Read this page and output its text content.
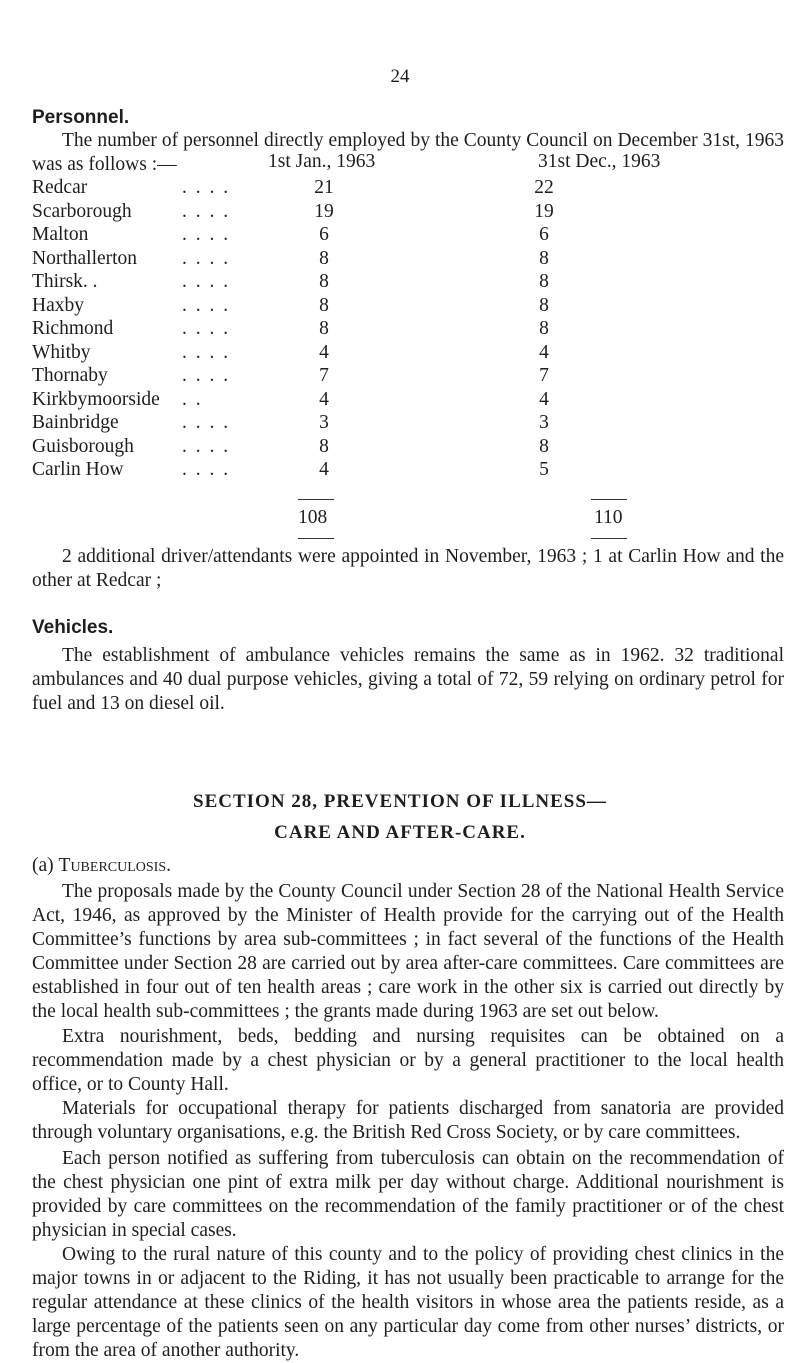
24
Personnel.

The number of personnel directly employed by the County Council on December 31st, 1963 was as follows :—	1st Jan., 1963	31st Dec., 1963
Redcar	. . . .	21		22
Scarborough	. . . .	19		19
Malton	. . . .	6		6
Northallerton	. . . .	8		8
Thirsk. .	. . . .	8		8
Haxby	. . . .	8		8
Richmond	. . . .	8		8
Whitby	. . . .	4		4
Thornaby	. . . .	7		7
Kirkbymoorside	. .	4		4
Bainbridge	. . . .	3		3
Guisborough	. . . .	8		8
Carlin How	. . . .	4		5
108	110

2 additional driver/attendants were appointed in November, 1963 ; 1 at Carlin How and the other at Redcar ;

Vehicles.

The establishment of ambulance vehicles remains the same as in 1962. 32 traditional ambulances and 40 dual purpose vehicles, giving a total of 72, 59 relying on ordinary petrol for fuel and 13 on diesel oil.

SECTION 28, PREVENTION OF ILLNESS—
CARE AND AFTER-CARE.
(a) Tuberculosis.

The proposals made by the County Council under Section 28 of the National Health Service Act, 1946, as approved by the Minister of Health provide for the carrying out of the Health Committee’s functions by area sub-committees ; in fact several of the functions of the Health Committee under Section 28 are carried out by area after-care committees. Care committees are established in four out of ten health areas ; care work in the other six is carried out directly by the local health sub-committees ; the grants made during 1963 are set out below.

Extra nourishment, beds, bedding and nursing requisites can be obtained on a recommendation made by a chest physician or by a general practitioner to the local health office, or to County Hall.

Materials for occupational therapy for patients discharged from sanatoria are provided through voluntary organisations, e.g. the British Red Cross Society, or by care committees.

Each person notified as suffering from tuberculosis can obtain on the recommendation of the chest physician one pint of extra milk per day without charge. Additional nourishment is provided by care committees on the recommendation of the family practitioner or of the chest physician in special cases.

Owing to the rural nature of this county and to the policy of providing chest clinics in the major towns in or adjacent to the Riding, it has not usually been practicable to arrange for the regular attendance at these clinics of the health visitors in whose area the patients reside, as a large percentage of the patients seen on any particular day come from other nurses’ districts, or from the area of another authority.
